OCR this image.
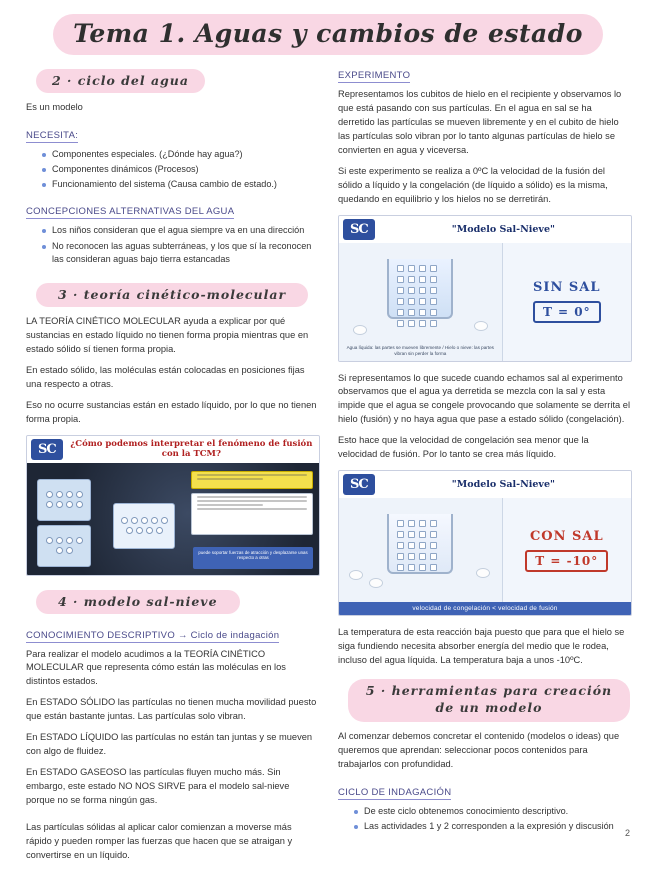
Tema 1. Aguas y cambios de estado
2 · ciclo del agua

Es un modelo

NECESITA:
Componentes especiales. (¿Dónde hay agua?)
Componentes dinámicos (Procesos)
Funcionamiento del sistema (Causa cambio de estado.)
CONCEPCIONES ALTERNATIVAS DEL AGUA
Los niños consideran que el agua siempre va en una dirección
No reconocen las aguas subterráneas, y los que sí la reconocen las consideran aguas bajo tierra estancadas
3 · teoría cinético-molecular

LA TEORÍA CINÉTICO MOLECULAR ayuda a explicar por qué sustancias en estado líquido no tienen forma propia mientras que en estado sólido sí tienen forma propia.

En estado sólido, las moléculas están colocadas en posiciones fijas una respecto a otras.

Eso no ocurre sustancias están en estado líquido, por lo que no tienen forma propia.

SC	¿Cómo podemos interpretar el fenómeno de fusión con la TCM?
puede soportar fuerzas de atracción y desplazarse unas respecto a otras
4 · modelo sal-nieve CONOCIMIENTO DESCRIPTIVO → Ciclo de indagación

Para realizar el modelo acudimos a la TEORÍA CINÉTICO MOLECULAR que representa cómo están las moléculas en los distintos estados.

En ESTADO SÓLIDO las partículas no tienen mucha movilidad puesto que están bastante juntas. Las partículas solo vibran.

En ESTADO LÍQUIDO las partículas no están tan juntas y se mueven con algo de fluidez.

En ESTADO GASEOSO las partículas fluyen mucho más. Sin embargo, este estado NO NOS SIRVE para el modelo sal-nieve porque no se forma ningún gas.

Las partículas sólidas al aplicar calor comienzan a moverse más rápido y pueden romper las fuerzas que hacen que se atraigan y convertirse en un líquido.

EXPERIMENTO

Representamos los cubitos de hielo en el recipiente y observamos lo que está pasando con sus partículas. En el agua en sal se ha derretido las partículas se mueven libremente y en el cubito de hielo las partículas solo vibran por lo tanto algunas partículas de hielo se convierten en agua y viceversa.

Si este experimento se realiza a 0ºC la velocidad de la fusión del sólido a líquido y la congelación (de líquido a sólido) es la misma, quedando en equilibrio y los hielos no se derretirán.

SC	"Modelo Sal-Nieve"
Agua líquida: las partes se mueven libremente / Hielo o nieve: las partes vibran sin perder la forma
SIN SAL
T = 0°

Si representamos lo que sucede cuando echamos sal al experimento observamos que el agua ya derretida se mezcla con la sal y esta impide que el agua se congele provocando que solamente se derrita el hielo (fusión) y no haya agua que pase a estado sólido (congelación).

Esto hace que la velocidad de congelación sea menor que la velocidad de fusión. Por lo tanto se crea más líquido.

SC	"Modelo Sal-Nieve"
CON SAL
T = -10°
velocidad de congelación < velocidad de fusión

La temperatura de esta reacción baja puesto que para que el hielo se siga fundiendo necesita absorber energía del medio que le rodea, incluso del agua líquida. La temperatura baja a unos -10ºC.

5 · herramientas para creación de un modelo

Al comenzar debemos concretar el contenido (modelos o ideas) que queremos que aprendan: seleccionar pocos contenidos para trabajarlos con profundidad.

CICLO DE INDAGACIÓN
De este ciclo obtenemos conocimiento descriptivo.
Las actividades 1 y 2 corresponden a la expresión y discusión
2
